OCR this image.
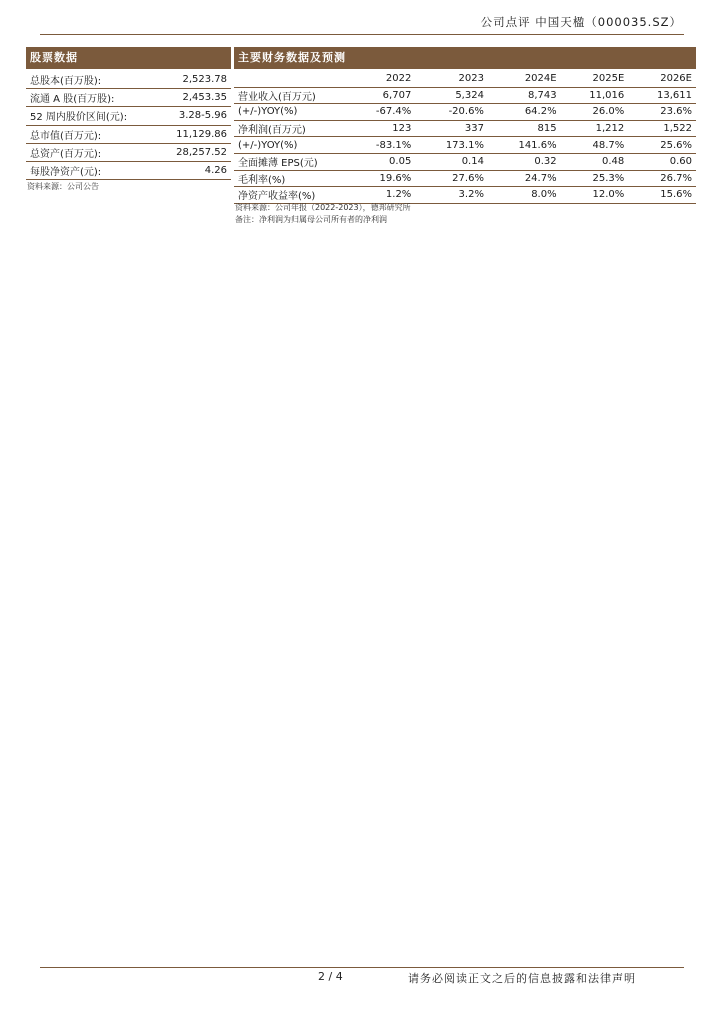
公司点评 中国天楹（000035.SZ）
股票数据
总股本(百万股):	2,523.78
流通 A 股(百万股):	2,453.35
52 周内股价区间(元):	3.28-5.96
总市值(百万元):	11,129.86
总资产(百万元):	28,257.52
每股净资产(元):	4.26
资料来源：公司公告
主要财务数据及预测
	2022	2023	2024E	2025E	2026E
营业收入(百万元)	6,707	5,324	8,743	11,016	13,611
(+/-)YOY(%)	-67.4%	-20.6%	64.2%	26.0%	23.6%
净利润(百万元)	123	337	815	1,212	1,522
(+/-)YOY(%)	-83.1%	173.1%	141.6%	48.7%	25.6%
全面摊薄 EPS(元)	0.05	0.14	0.32	0.48	0.60
毛利率(%)	19.6%	27.6%	24.7%	25.3%	26.7%
净资产收益率(%)	1.2%	3.2%	8.0%	12.0%	15.6%
资料来源：公司年报（2022-2023），德邦研究所
备注：净利润为归属母公司所有者的净利润
2 / 4	请务必阅读正文之后的信息披露和法律声明
